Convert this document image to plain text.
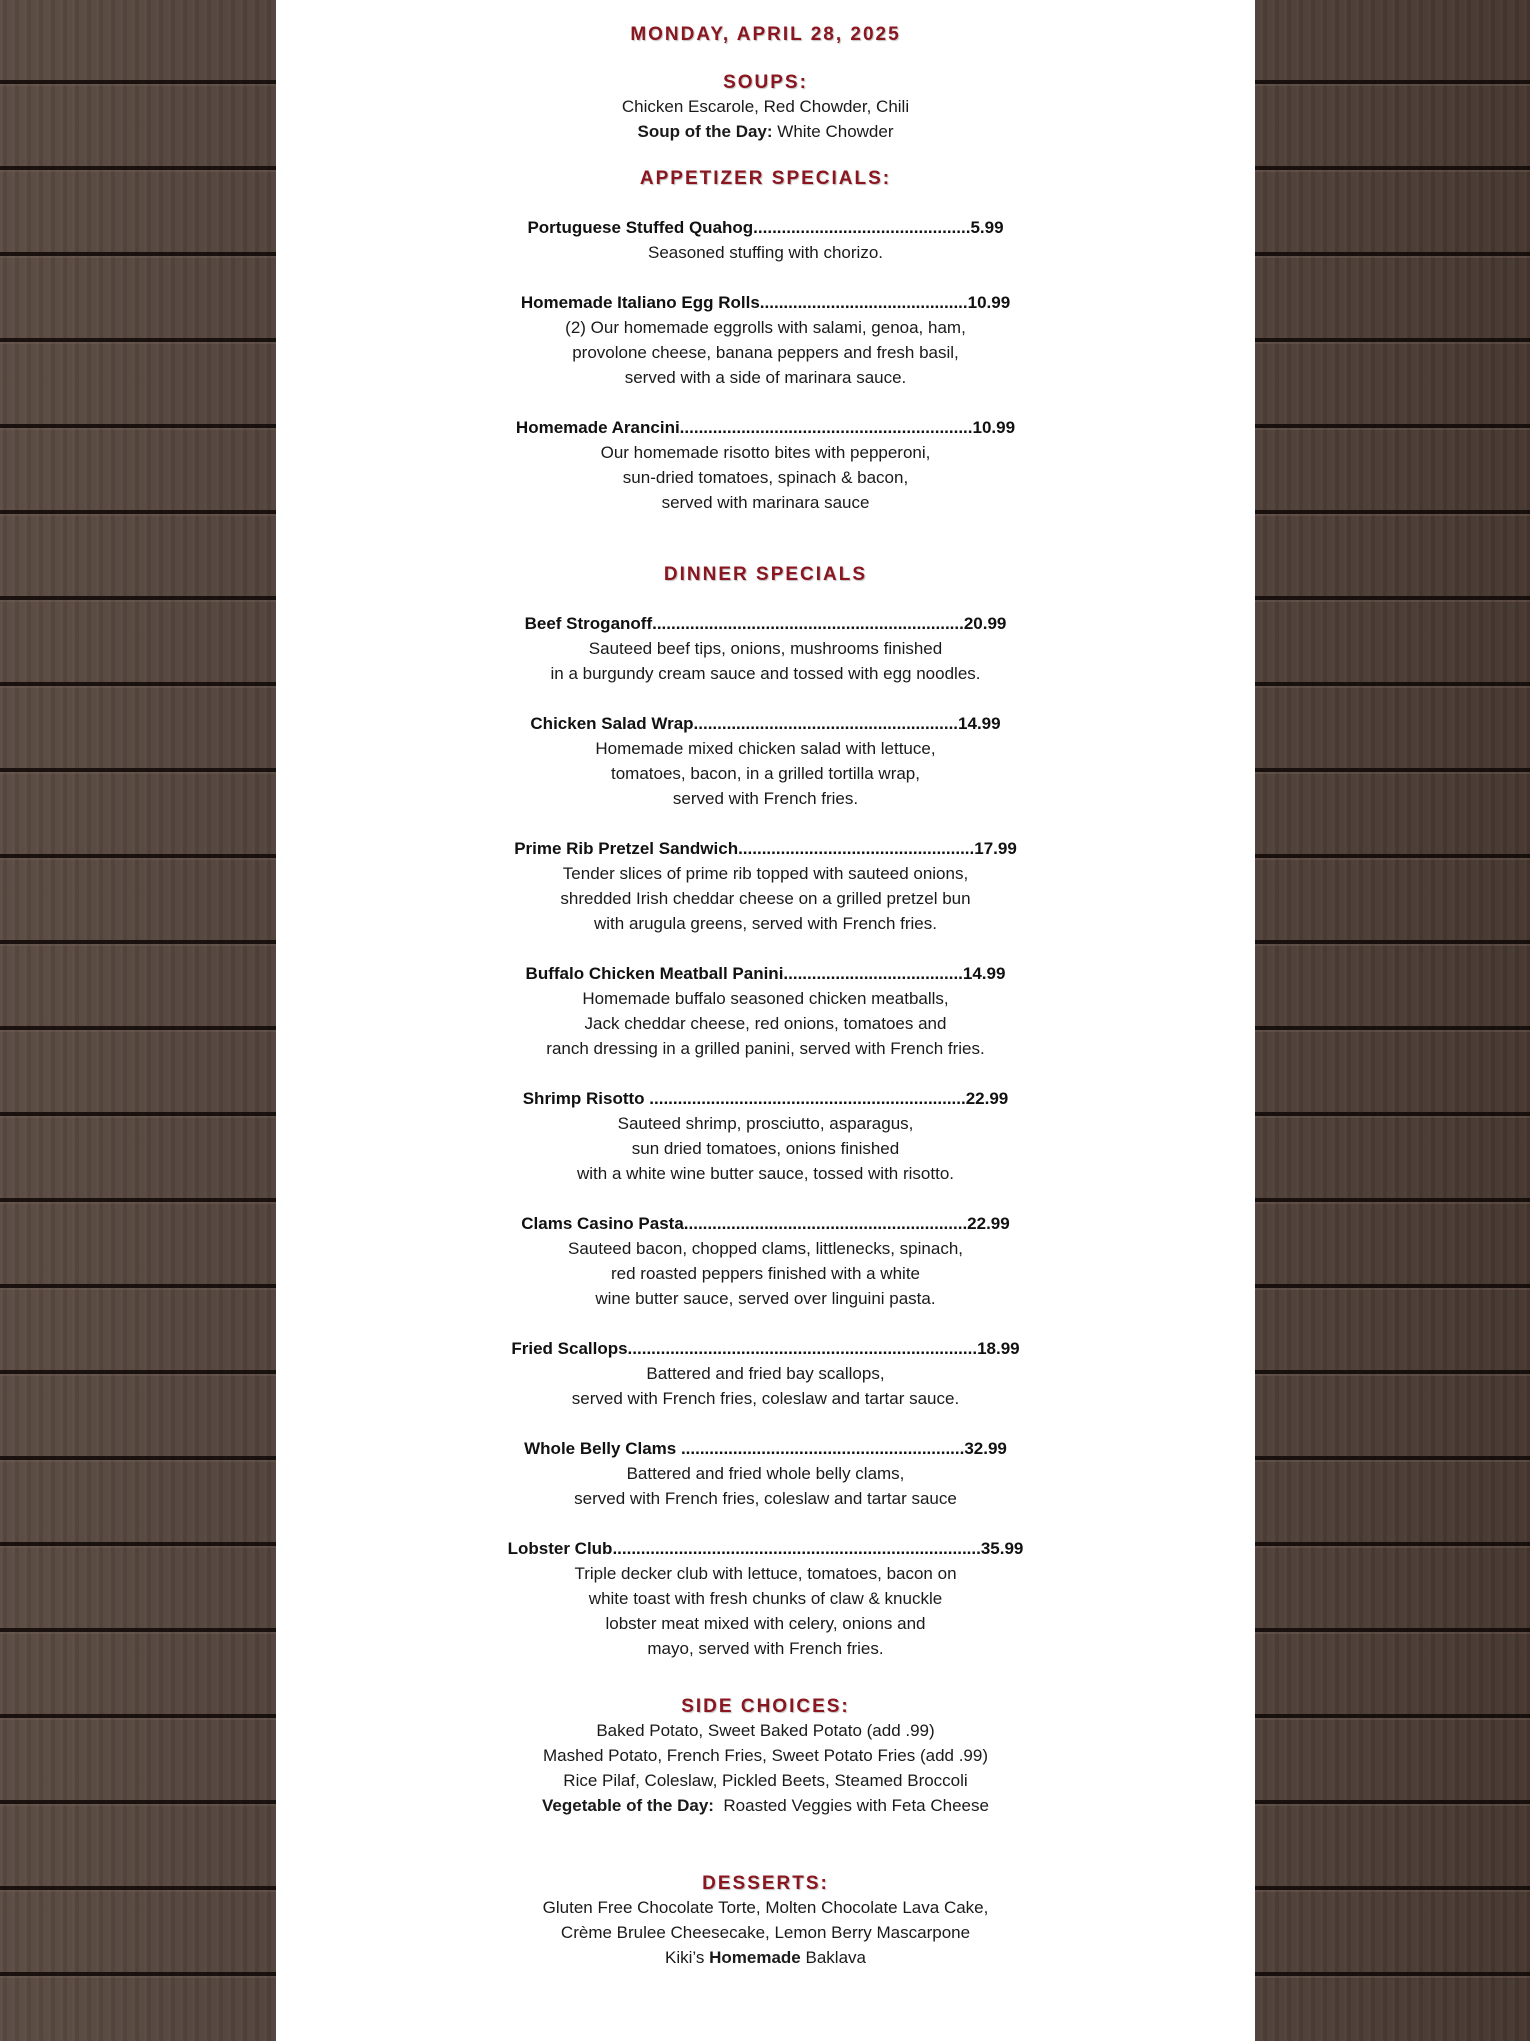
MONDAY, APRIL 28, 2025
SOUPS:
Chicken Escarole, Red Chowder, Chili
Soup of the Day: White Chowder
APPETIZER SPECIALS:
Portuguese Stuffed Quahog..............................................5.99
Seasoned stuffing with chorizo.
Homemade Italiano Egg Rolls............................................10.99
(2) Our homemade eggrolls with salami, genoa, ham,
provolone cheese, banana peppers and fresh basil,
served with a side of marinara sauce.
Homemade Arancini..............................................................10.99
Our homemade risotto bites with pepperoni,
sun-dried tomatoes, spinach & bacon,
served with marinara sauce
DINNER SPECIALS
Beef Stroganoff..................................................................20.99
Sauteed beef tips, onions, mushrooms finished
in a burgundy cream sauce and tossed with egg noodles.
Chicken Salad Wrap........................................................14.99
Homemade mixed chicken salad with lettuce,
tomatoes, bacon, in a grilled tortilla wrap,
served with French fries.
Prime Rib Pretzel Sandwich..................................................17.99
Tender slices of prime rib topped with sauteed onions,
shredded Irish cheddar cheese on a grilled pretzel bun
with arugula greens, served with French fries.
Buffalo Chicken Meatball Panini......................................14.99
Homemade buffalo seasoned chicken meatballs,
Jack cheddar cheese, red onions, tomatoes and
ranch dressing in a grilled panini, served with French fries.
Shrimp Risotto ...................................................................22.99
Sauteed shrimp, prosciutto, asparagus,
sun dried tomatoes, onions finished
with a white wine butter sauce, tossed with risotto.
Clams Casino Pasta............................................................22.99
Sauteed bacon, chopped clams, littlenecks, spinach,
red roasted peppers finished with a white
wine butter sauce, served over linguini pasta.
Fried Scallops..........................................................................18.99
Battered and fried bay scallops,
served with French fries, coleslaw and tartar sauce.
Whole Belly Clams ............................................................32.99
Battered and fried whole belly clams,
served with French fries, coleslaw and tartar sauce
Lobster Club..............................................................................35.99
Triple decker club with lettuce, tomatoes, bacon on
white toast with fresh chunks of claw & knuckle
lobster meat mixed with celery, onions and
mayo, served with French fries.
SIDE CHOICES:
Baked Potato, Sweet Baked Potato (add .99)
Mashed Potato, French Fries, Sweet Potato Fries (add .99)
Rice Pilaf, Coleslaw, Pickled Beets, Steamed Broccoli
Vegetable of the Day: Roasted Veggies with Feta Cheese
DESSERTS:
Gluten Free Chocolate Torte, Molten Chocolate Lava Cake,
Crème Brulee Cheesecake, Lemon Berry Mascarpone
Kiki’s Homemade Baklava
